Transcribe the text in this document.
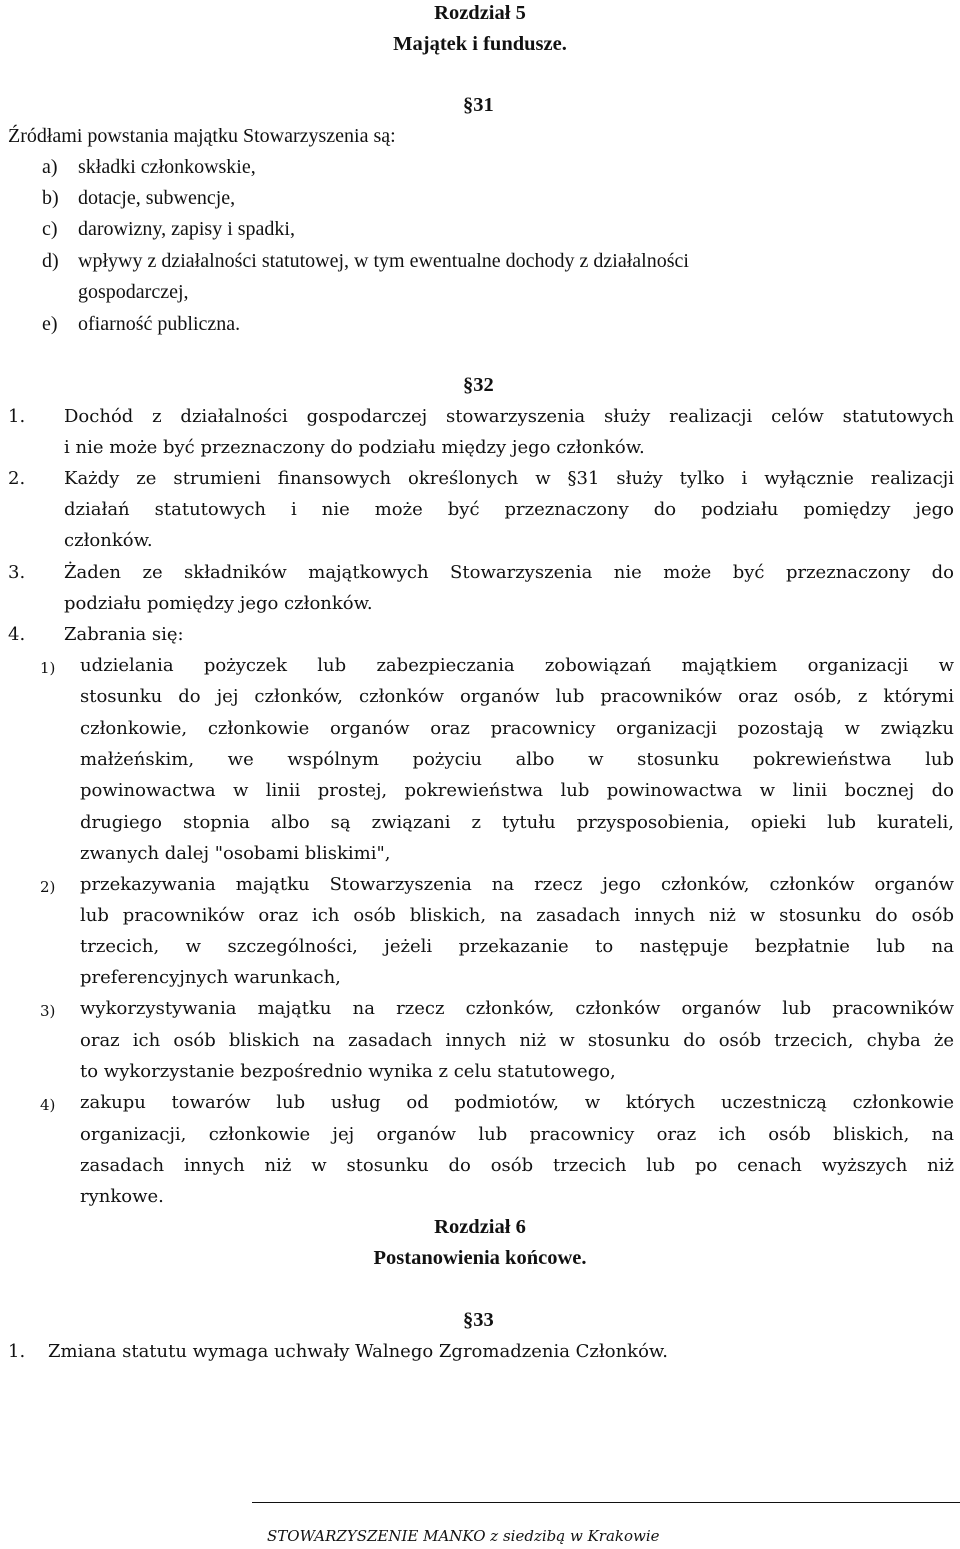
Rozdział 5
Majątek i fundusze.
§31
Źródłami powstania majątku Stowarzyszenia są:
a) składki członkowskie,
b) dotacje, subwencje,
c) darowizny, zapisy i spadki,
d) wpływy z działalności statutowej, w tym ewentualne dochody z działalności
gospodarczej,
e) ofiarność publiczna.
§32
1. Dochód z działalności gospodarczej stowarzyszenia służy realizacji celów statutowych
i nie może być przeznaczony do podziału między jego członków.
2. Każdy ze strumieni finansowych określonych w §31 służy tylko i wyłącznie realizacji
działań statutowych i nie może być przeznaczony do podziału pomiędzy jego
członków.
3. Żaden ze składników majątkowych Stowarzyszenia nie może być przeznaczony do
podziału pomiędzy jego członków.
4. Zabrania się:
1) udzielania pożyczek lub zabezpieczania zobowiązań majątkiem organizacji w
stosunku do jej członków, członków organów lub pracowników oraz osób, z którymi
członkowie, członkowie organów oraz pracownicy organizacji pozostają w związku
małżeńskim, we wspólnym pożyciu albo w stosunku pokrewieństwa lub
powinowactwa w linii prostej, pokrewieństwa lub powinowactwa w linii bocznej do
drugiego stopnia albo są związani z tytułu przysposobienia, opieki lub kurateli,
zwanych dalej "osobami bliskimi",
2) przekazywania majątku Stowarzyszenia na rzecz jego członków, członków organów
lub pracowników oraz ich osób bliskich, na zasadach innych niż w stosunku do osób
trzecich, w szczególności, jeżeli przekazanie to następuje bezpłatnie lub na
preferencyjnych warunkach,
3) wykorzystywania majątku na rzecz członków, członków organów lub pracowników
oraz ich osób bliskich na zasadach innych niż w stosunku do osób trzecich, chyba że
to wykorzystanie bezpośrednio wynika z celu statutowego,
4) zakupu towarów lub usług od podmiotów, w których uczestniczą członkowie
organizacji, członkowie jej organów lub pracownicy oraz ich osób bliskich, na
zasadach innych niż w stosunku do osób trzecich lub po cenach wyższych niż
rynkowe.
Rozdział 6
Postanowienia końcowe.
§33
1. Zmiana statutu wymaga uchwały Walnego Zgromadzenia Członków.
STOWARZYSZENIE MANKO z siedzibą w Krakowie
